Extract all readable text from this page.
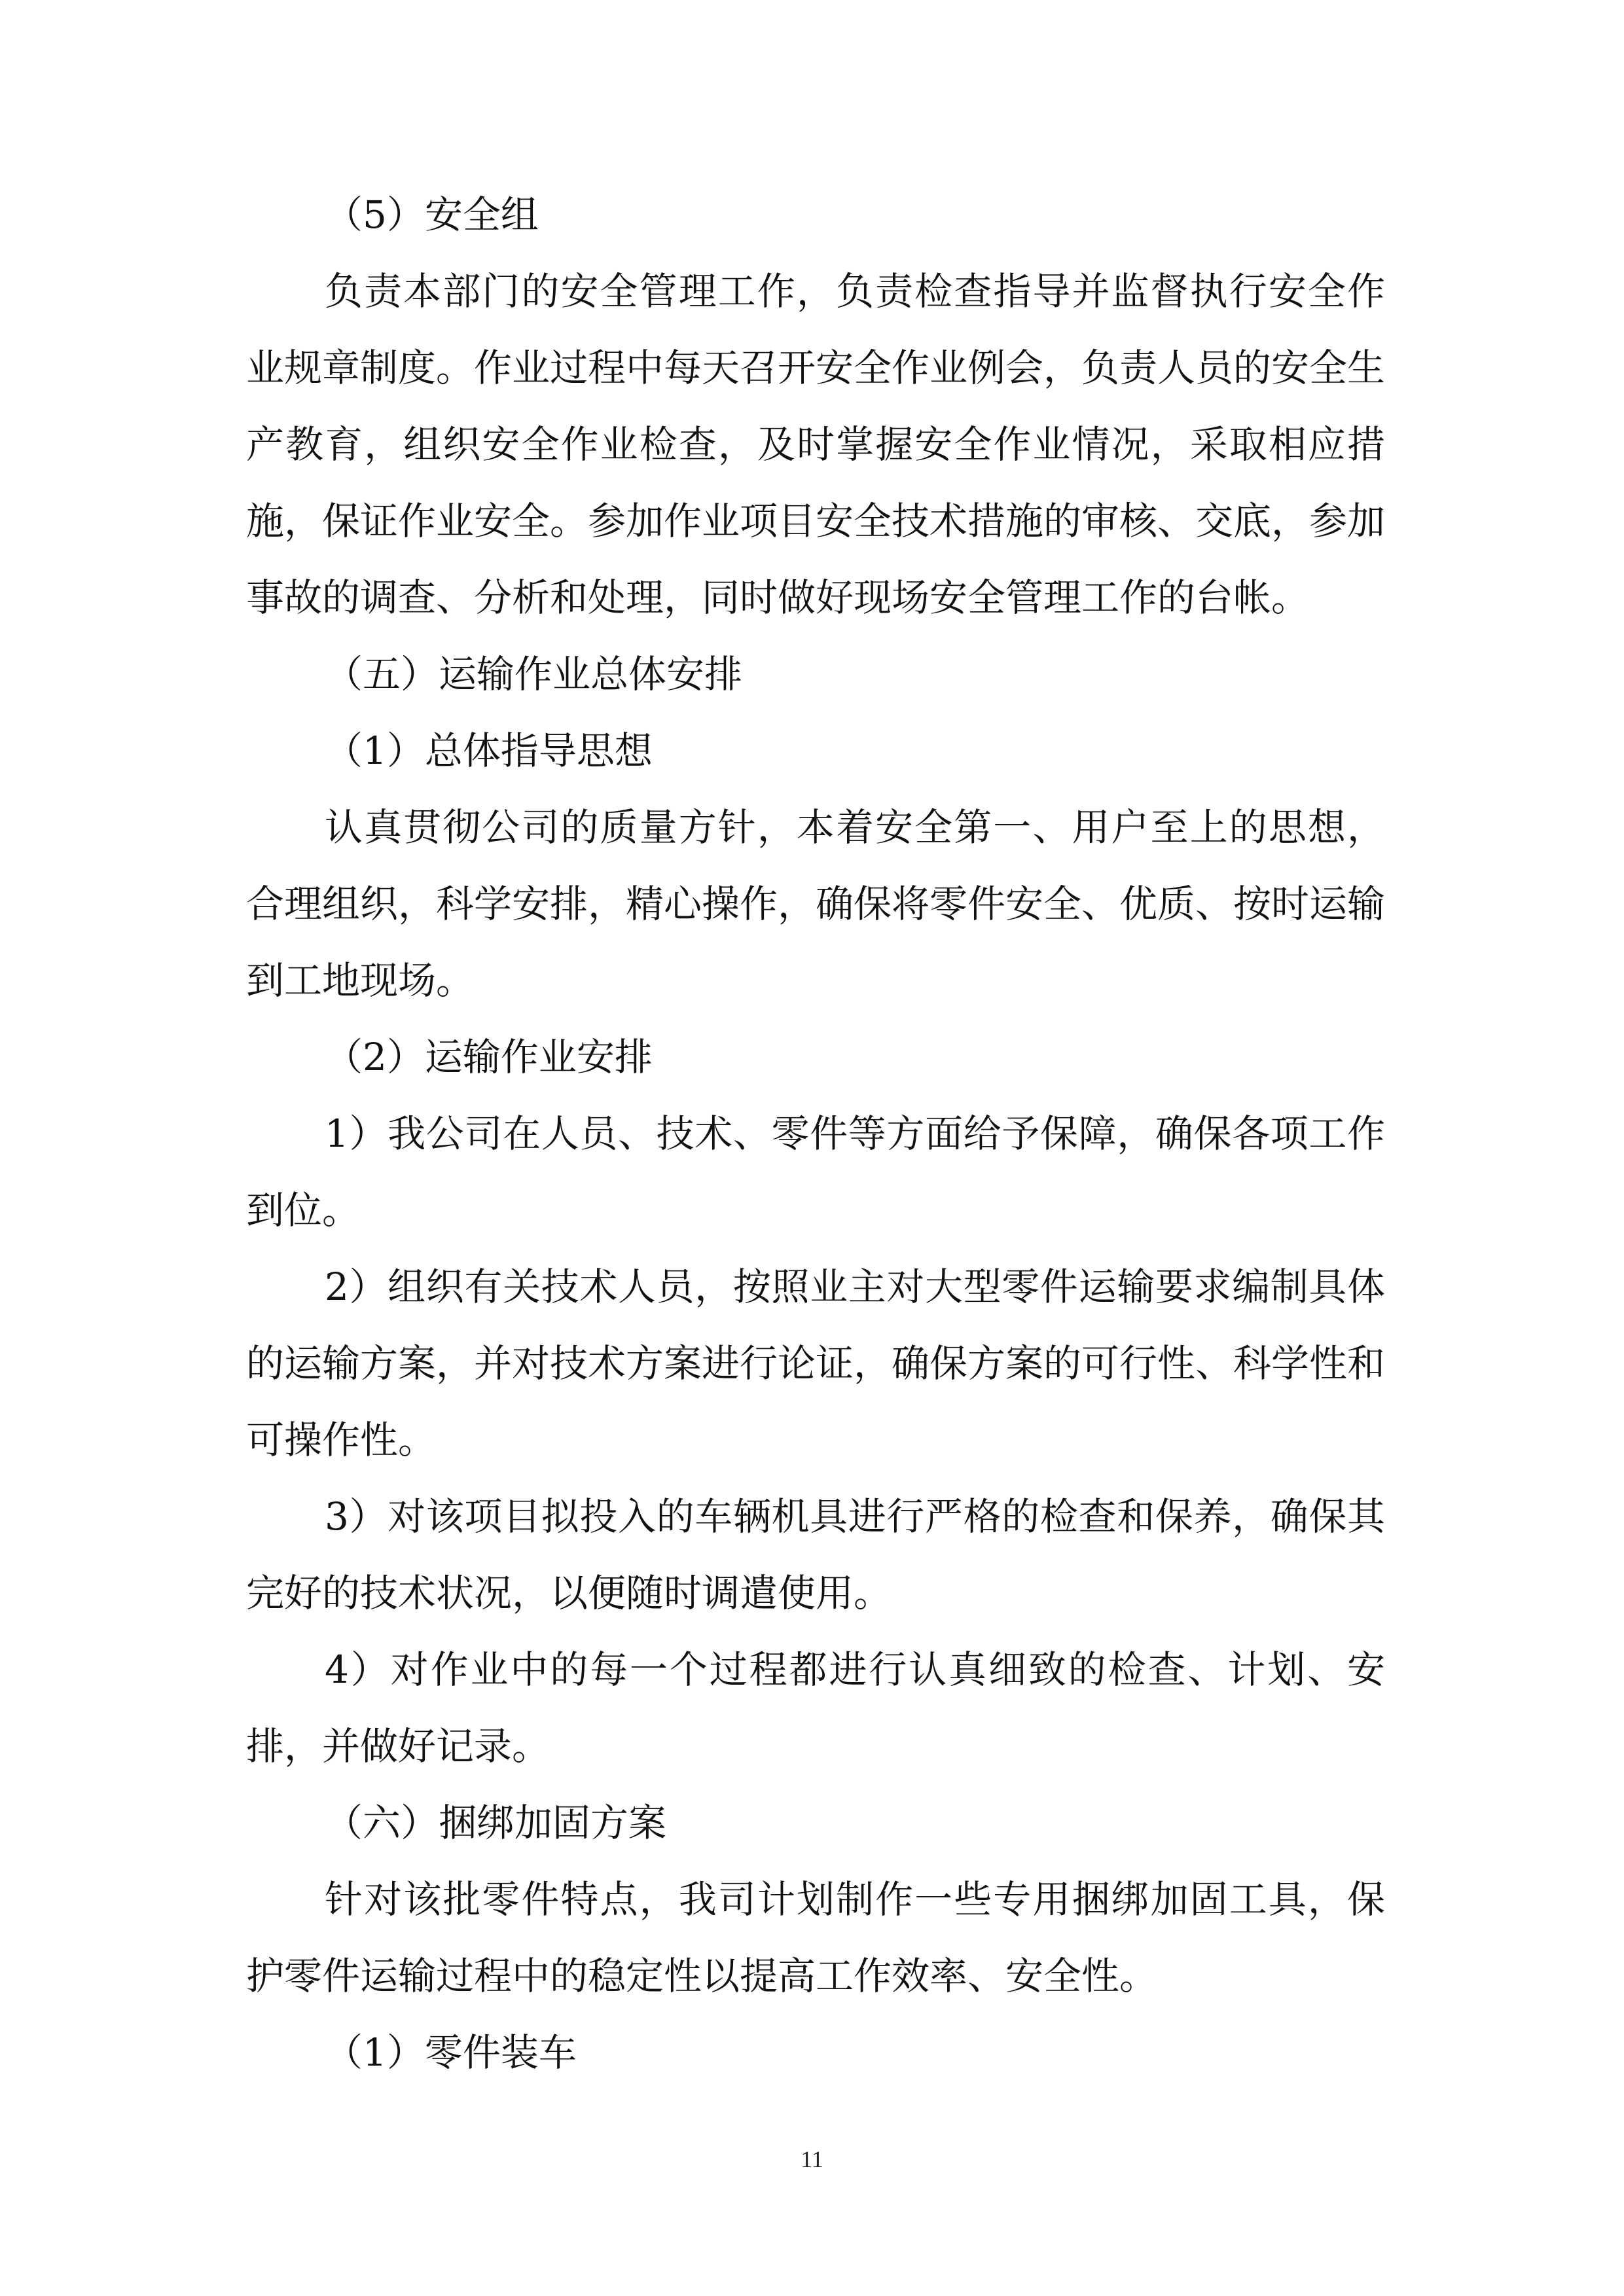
（5）安全组

负责本部门的安全管理工作，负责检查指导并监督执行安全作业规章制度。作业过程中每天召开安全作业例会，负责人员的安全生产教育，组织安全作业检查，及时掌握安全作业情况，采取相应措施，保证作业安全。参加作业项目安全技术措施的审核、交底，参加事故的调查、分析和处理，同时做好现场安全管理工作的台帐。

（五）运输作业总体安排

（1）总体指导思想

认真贯彻公司的质量方针，本着安全第一、用户至上的思想，合理组织，科学安排，精心操作，确保将零件安全、优质、按时运输到工地现场。

（2）运输作业安排

1）我公司在人员、技术、零件等方面给予保障，确保各项工作到位。

2）组织有关技术人员，按照业主对大型零件运输要求编制具体的运输方案，并对技术方案进行论证，确保方案的可行性、科学性和可操作性。

3）对该项目拟投入的车辆机具进行严格的检查和保养，确保其完好的技术状况，以便随时调遣使用。

4）对作业中的每一个过程都进行认真细致的检查、计划、安排，并做好记录。

（六）捆绑加固方案

针对该批零件特点，我司计划制作一些专用捆绑加固工具，保护零件运输过程中的稳定性以提高工作效率、安全性。

（1）零件装车

11
